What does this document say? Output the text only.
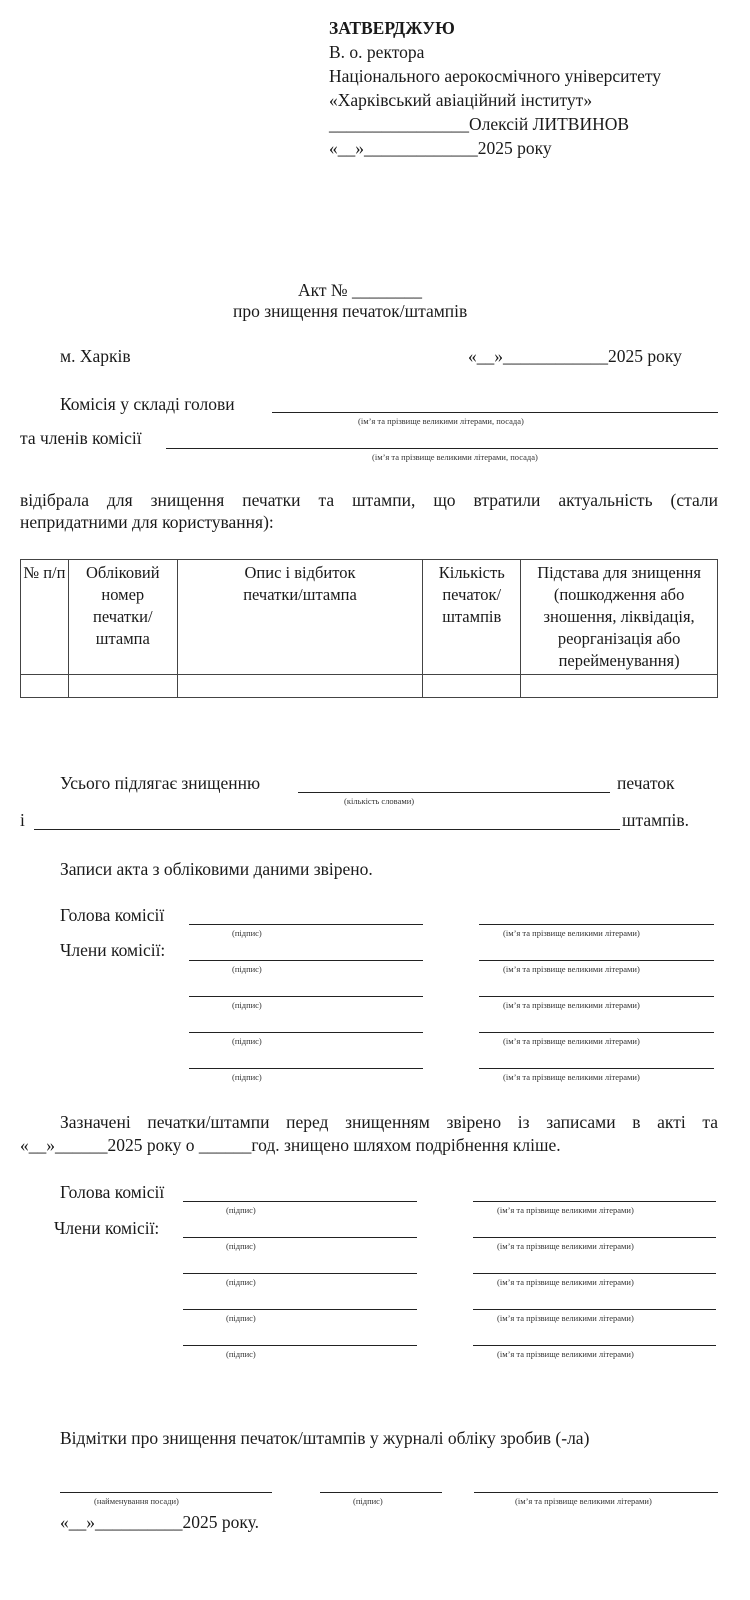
ЗАТВЕРДЖУЮ
В. о. ректора
Національного аерокосмічного університету
«Харківський авіаційний інститут»
________________Олексій ЛИТВИНОВ
«__»_____________2025 року
Акт № ________
про знищення печаток/штампів
м. Харків	«__»____________2025 року
Комісія у складі голови
(ім’я та прізвище великими літерами, посада)
та членів комісії
(ім’я та прізвище великими літерами, посада)
відібрала для знищення печатки та штампи, що втратили актуальність (стали
непридатними для користування):
№ п/п	Обліковий номер печатки/ штампа	Опис і відбиток печатки/штампа	Кількість печаток/ штампів	Підстава для знищення (пошкодження або зношення, ліквідація, реорганізація або перейменування)

Усього підлягає знищенню
(кількість словами)
печаток
і	штампів.
Записи акта з обліковими даними звірено.
Голова комісії
Члени комісії:
(підпис)	(ім’я та прізвище великими літерами)
(підпис)	(ім’я та прізвище великими літерами)
(підпис)	(ім’я та прізвище великими літерами)
(підпис)	(ім’я та прізвище великими літерами)
(підпис)	(ім’я та прізвище великими літерами)
Зазначені печатки/штампи перед знищенням звірено із записами в акті та
«__»______2025 року о ______год. знищено шляхом подрібнення кліше.
Голова комісії
Члени комісії:
(підпис)	(ім’я та прізвище великими літерами)
(підпис)	(ім’я та прізвище великими літерами)
(підпис)	(ім’я та прізвище великими літерами)
(підпис)	(ім’я та прізвище великими літерами)
(підпис)	(ім’я та прізвище великими літерами)
Відмітки про знищення печаток/штампів у журналі обліку зробив (-ла)
(найменування посади)	(підпис)	(ім’я та прізвище великими літерами)
«__»__________2025 року.
